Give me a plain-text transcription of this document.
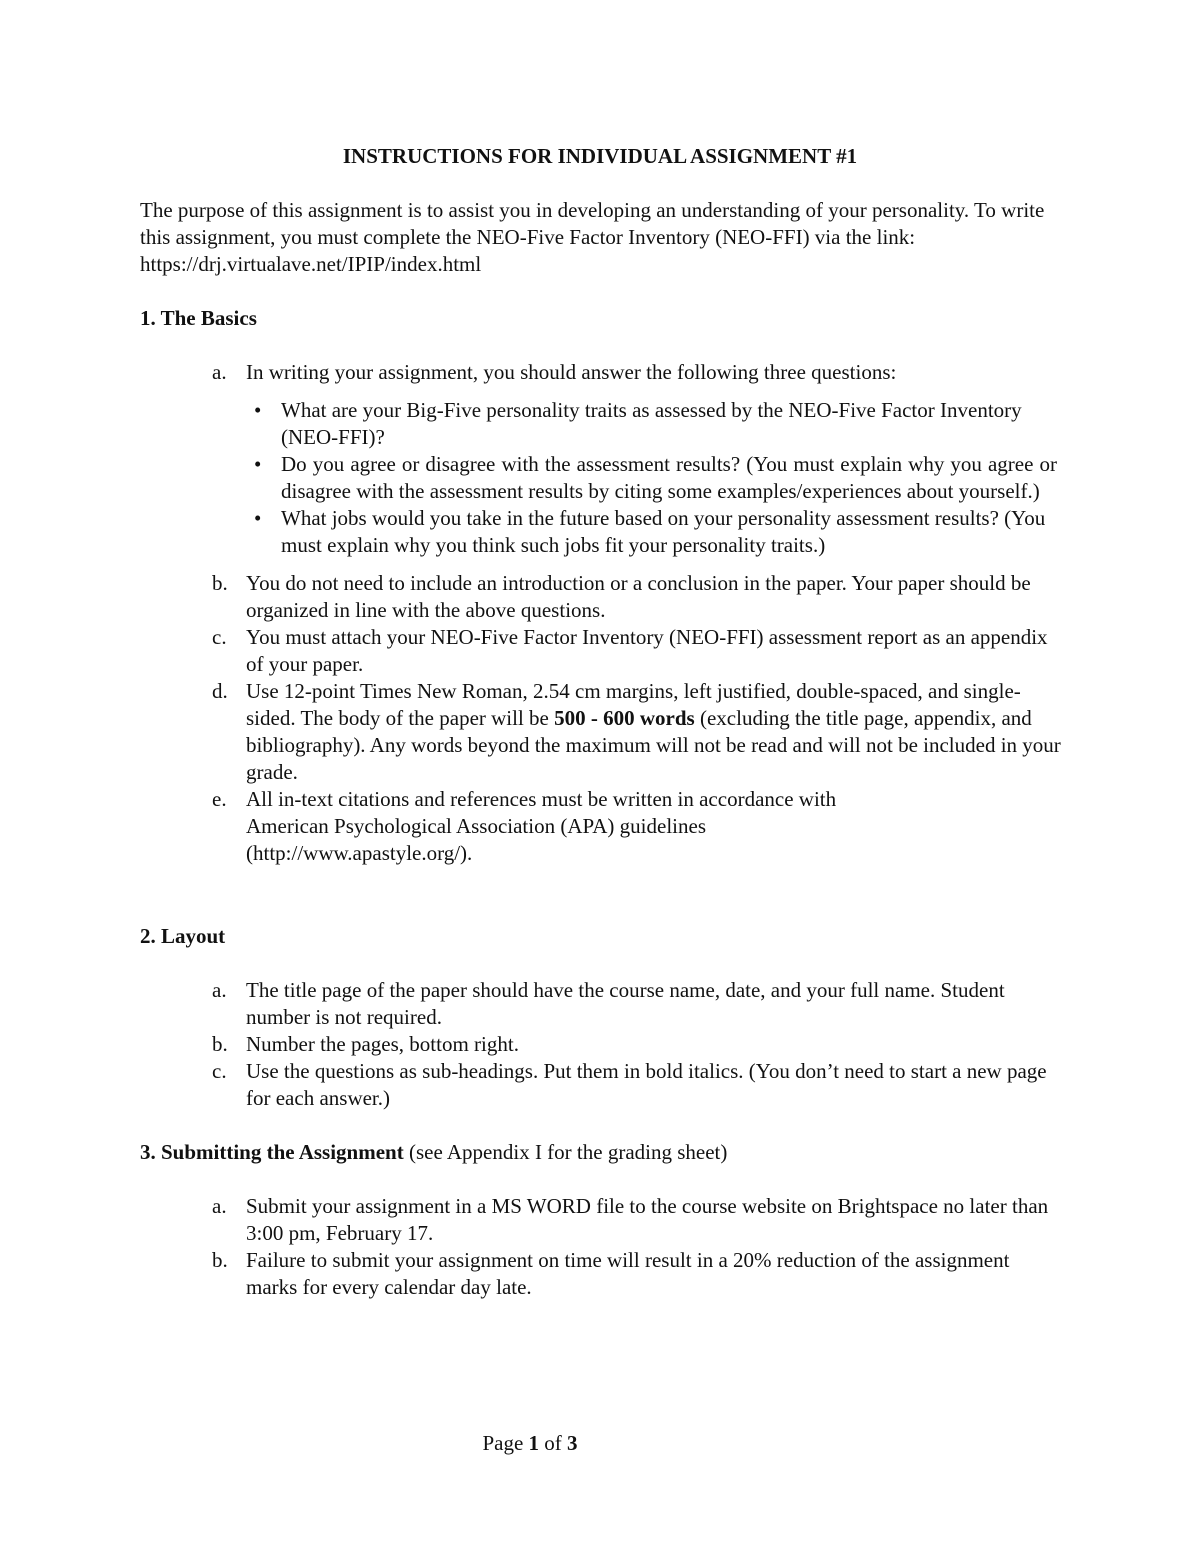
INSTRUCTIONS FOR INDIVIDUAL ASSIGNMENT #1
The purpose of this assignment is to assist you in developing an understanding of your personality. To write this assignment, you must complete the NEO-Five Factor Inventory (NEO-FFI) via the link: https://drj.virtualave.net/IPIP/index.html
1. The Basics
a. In writing your assignment, you should answer the following three questions:
• What are your Big-Five personality traits as assessed by the NEO-Five Factor Inventory (NEO-FFI)?
• Do you agree or disagree with the assessment results? (You must explain why you agree or disagree with the assessment results by citing some examples/experiences about yourself.)
• What jobs would you take in the future based on your personality assessment results? (You must explain why you think such jobs fit your personality traits.)
b. You do not need to include an introduction or a conclusion in the paper. Your paper should be organized in line with the above questions.
c. You must attach your NEO-Five Factor Inventory (NEO-FFI) assessment report as an appendix of your paper.
d. Use 12-point Times New Roman, 2.54 cm margins, left justified, double-spaced, and single-sided. The body of the paper will be 500 - 600 words (excluding the title page, appendix, and bibliography). Any words beyond the maximum will not be read and will not be included in your grade.
e. All in-text citations and references must be written in accordance with
American Psychological Association (APA) guidelines
(http://www.apastyle.org/).
2. Layout
a. The title page of the paper should have the course name, date, and your full name. Student number is not required.
b. Number the pages, bottom right.
c. Use the questions as sub-headings. Put them in bold italics. (You don’t need to start a new page for each answer.)
3. Submitting the Assignment (see Appendix I for the grading sheet)
a. Submit your assignment in a MS WORD file to the course website on Brightspace no later than 3:00 pm, February 17.
b. Failure to submit your assignment on time will result in a 20% reduction of the assignment marks for every calendar day late.
Page 1 of 3
